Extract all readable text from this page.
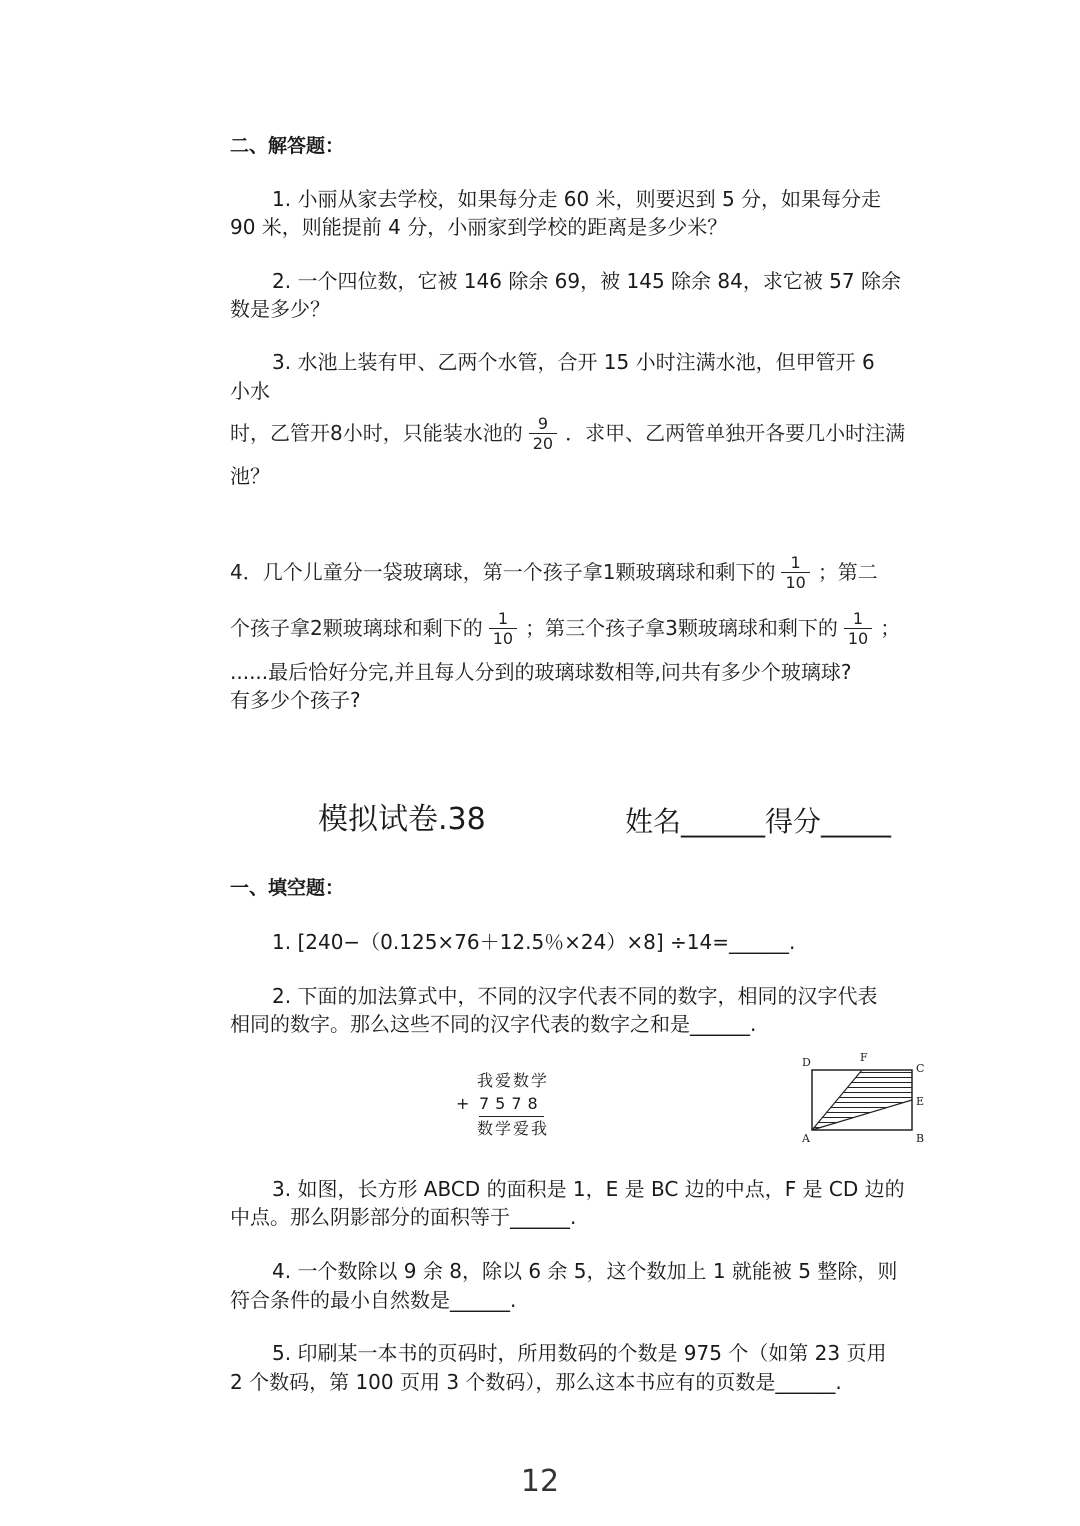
二、解答题：
1. 小丽从家去学校，如果每分走 60 米，则要迟到 5 分，如果每分走
90 米，则能提前 4 分，小丽家到学校的距离是多少米？
2. 一个四位数，它被 146 除余 69，被 145 除余 84，求它被 57 除余
数是多少？
3. 水池上装有甲、乙两个水管，合开 15 小时注满水池，但甲管开 6
小水
时，乙管开8小时，只能装水池的 $\frac{9}{20}$ ．求甲、乙两管单独开各要几小时注满
池？
4．几个儿童分一袋玻璃球，第一个孩子拿1颗玻璃球和剩下的 $\frac{1}{10}$ ；第二
个孩子拿2颗玻璃球和剩下的 $\frac{1}{10}$ ；第三个孩子拿3颗玻璃球和剩下的 $\frac{1}{10}$ ；
......最后恰好分完,并且每人分到的玻璃球数相等,问共有多少个玻璃球?
有多少个孩子?
模拟试卷.38	姓名______得分_____
一、填空题：
1. [240−（0.125×76＋12.5％×24）×8] ÷14=______.
2. 下面的加法算式中，不同的汉字代表不同的数字，相同的汉字代表
相同的数字。那么这些不同的汉字代表的数字之和是______.
我爱数学
+ 7578
数学爱我
D	F
C
E
A	B
3. 如图，长方形 ABCD 的面积是 1，E 是 BC 边的中点，F 是 CD 边的
中点。那么阴影部分的面积等于______.
4. 一个数除以 9 余 8，除以 6 余 5，这个数加上 1 就能被 5 整除，则
符合条件的最小自然数是______.
5. 印刷某一本书的页码时，所用数码的个数是 975 个（如第 23 页用
2 个数码，第 100 页用 3 个数码），那么这本书应有的页数是______.
12
